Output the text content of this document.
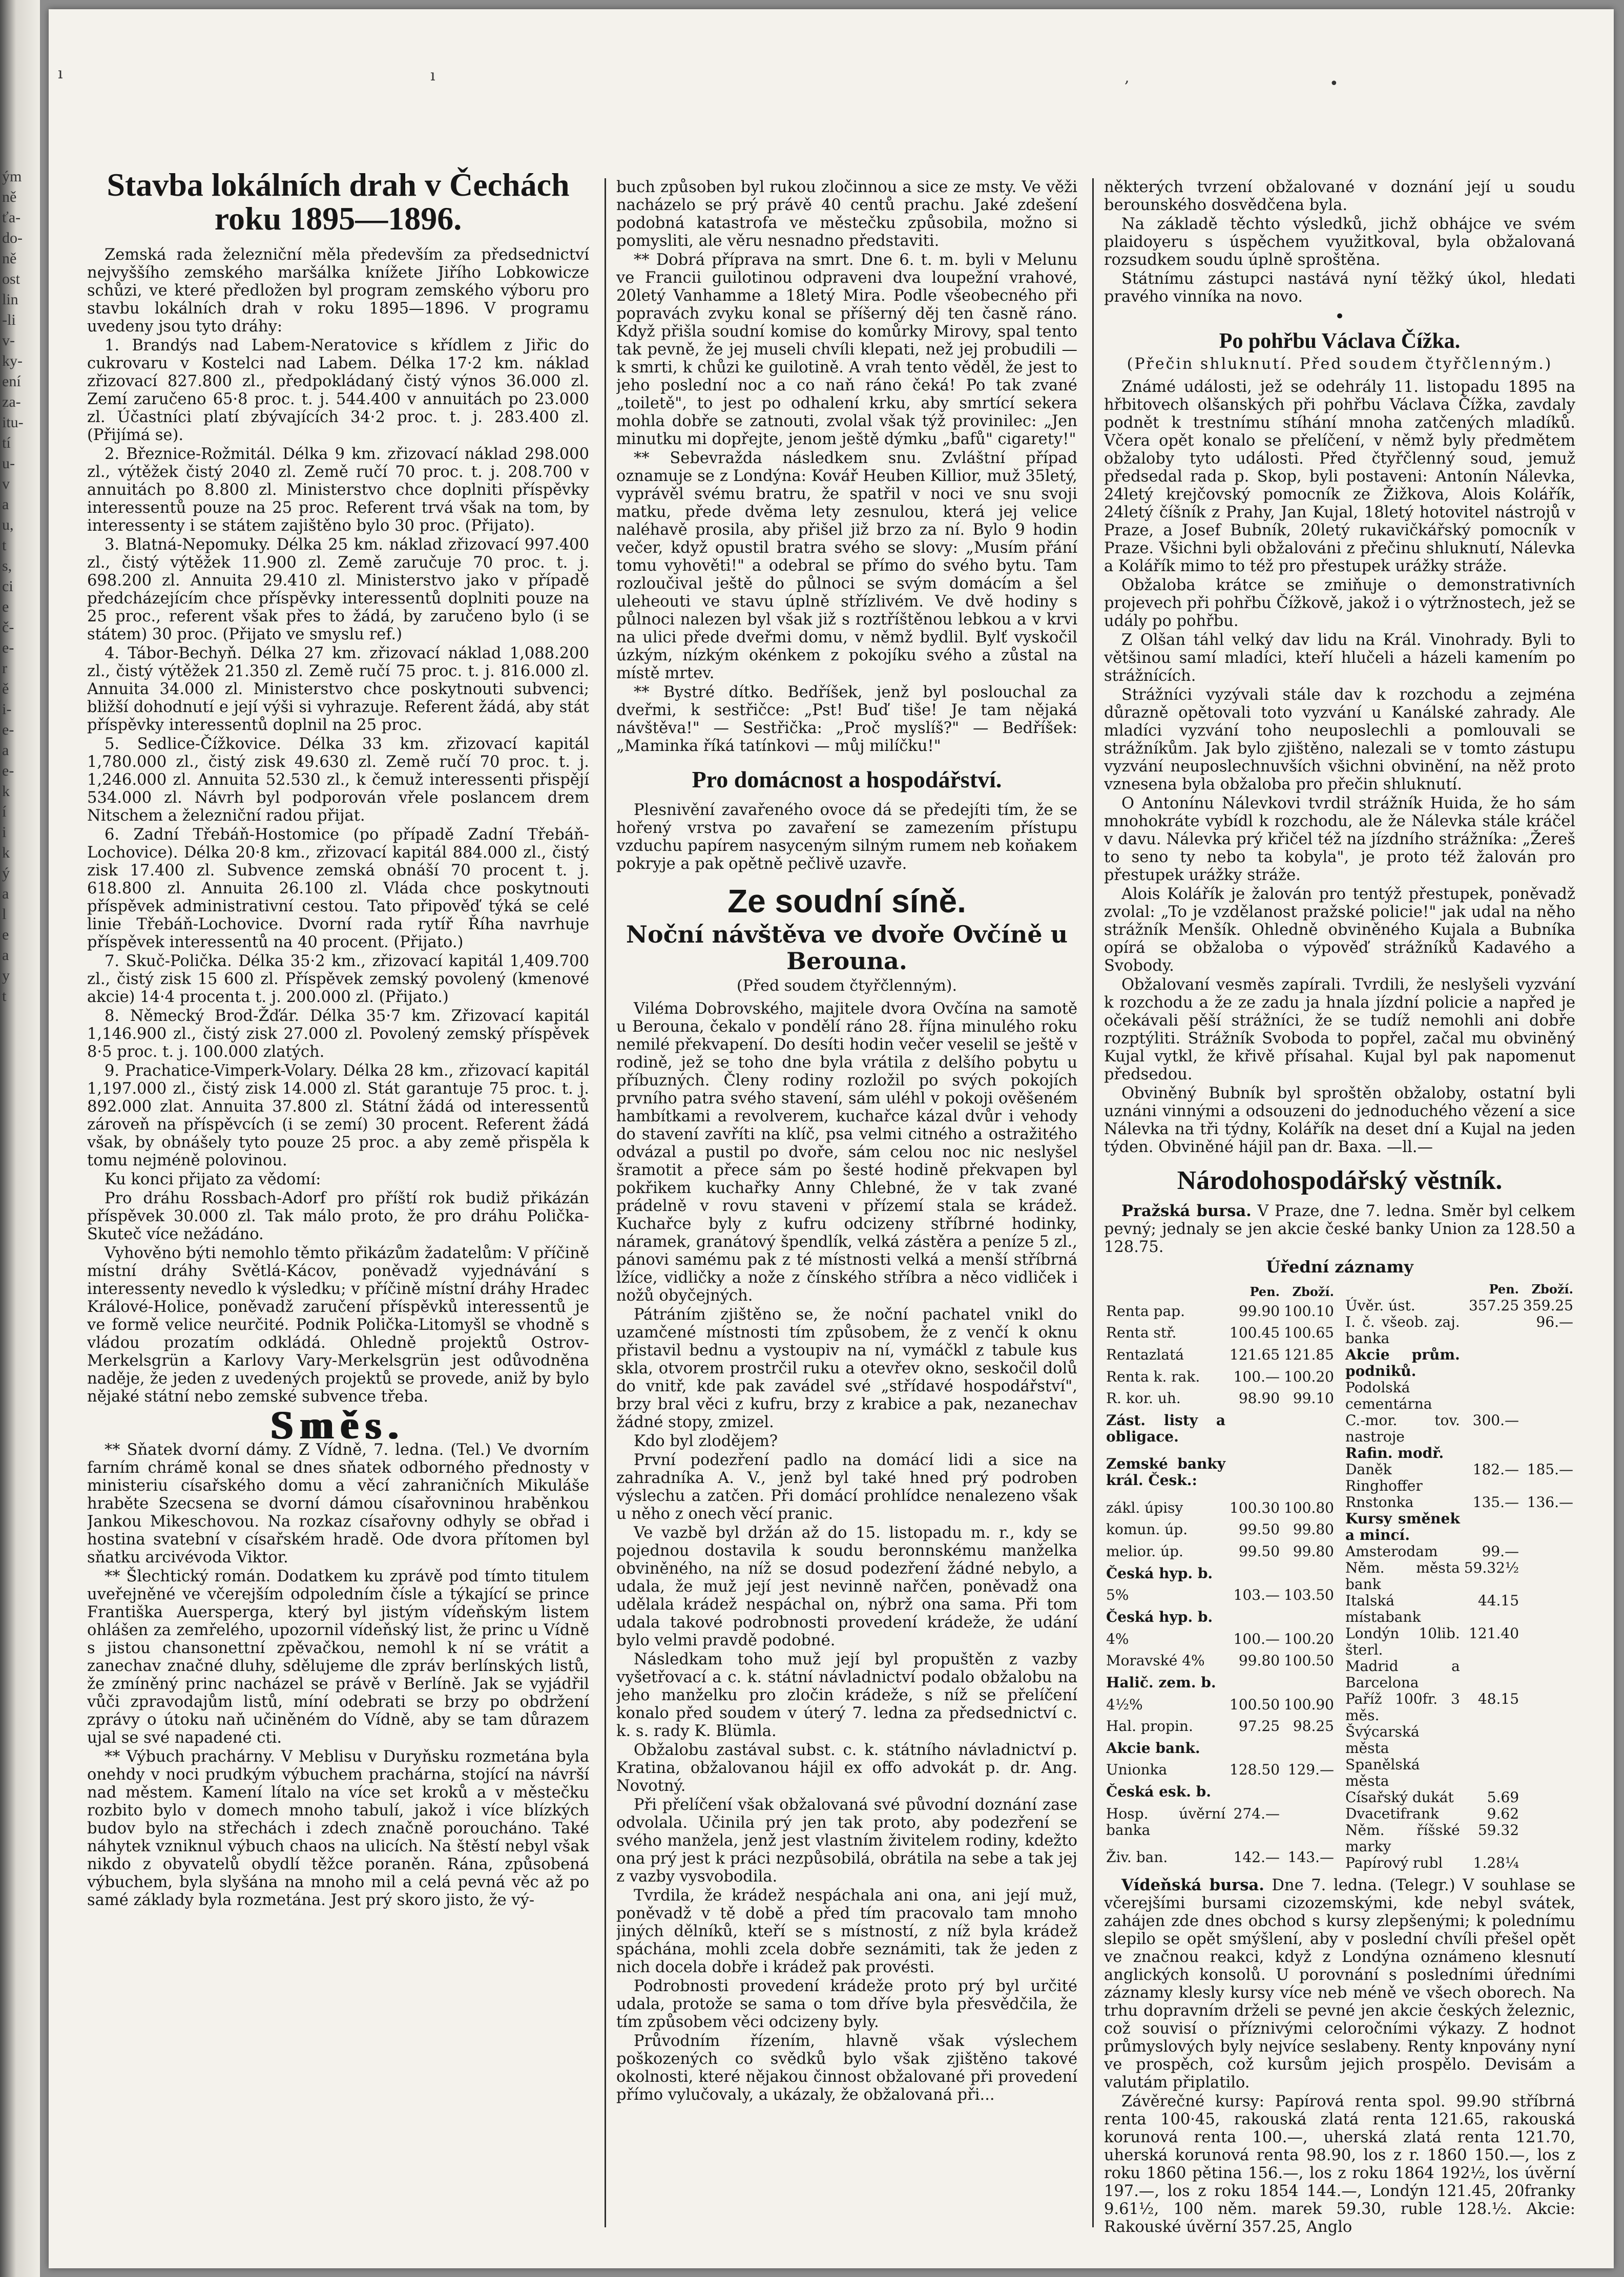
ým
ně
ťa-
do-
ně
ost
lin
-li
v-
ky-
ení
za-
itu-
tí
u-
v
a
u,
t
s,
ci
e
č-
e-
r
ě
i-
e-
a
e-
k
í
i
k
ý
a
l
e
a
y
t
ı	ı	,	•
Stavba lokálních drah v Čechách roku 1895—1896.

Zemská rada železniční měla především za předsednictví nejvyššího zemského maršálka knížete Jiřího Lobkowicze schůzi, ve které předložen byl program zemského výboru pro stavbu lokálních drah v roku 1895—1896. V programu uvedeny jsou tyto dráhy:

1. Brandýs nad Labem-Neratovice s křídlem z Jiřic do cukrovaru v Kostelci nad Labem. Délka 17·2 km. náklad zřizovací 827.800 zl., předpokládaný čistý výnos 36.000 zl. Zemí zaručeno 65·8 proc. t. j. 544.400 v annuitách po 23.000 zl. Účastníci platí zbývajících 34·2 proc. t. j. 283.400 zl. (Přijímá se).

2. Březnice-Rožmitál. Délka 9 km. zřizovací náklad 298.000 zl., výtěžek čistý 2040 zl. Země ručí 70 proc. t. j. 208.700 v annuitách po 8.800 zl. Ministerstvo chce doplniti příspěvky interessentů pouze na 25 proc. Referent trvá však na tom, by interessenty i se státem zajištěno bylo 30 proc. (Přijato).

3. Blatná-Nepomuky. Délka 25 km. náklad zřizovací 997.400 zl., čistý výtěžek 11.900 zl. Země zaručuje 70 proc. t. j. 698.200 zl. Annuita 29.410 zl. Ministerstvo jako v případě předcházejícím chce příspěvky interessentů doplniti pouze na 25 proc., referent však přes to žádá, by zaručeno bylo (i se státem) 30 proc. (Přijato ve smyslu ref.)

4. Tábor-Bechyň. Délka 27 km. zřizovací náklad 1,088.200 zl., čistý výtěžek 21.350 zl. Země ručí 75 proc. t. j. 816.000 zl. Annuita 34.000 zl. Ministerstvo chce poskytnouti subvenci; bližší dohodnutí e její výši si vyhrazuje. Referent žádá, aby stát příspěvky interessentů doplnil na 25 proc.

5. Sedlice-Čížkovice. Délka 33 km. zřizovací kapitál 1,780.000 zl., čistý zisk 49.630 zl. Země ručí 70 proc. t. j. 1,246.000 zl. Annuita 52.530 zl., k čemuž interessenti přispějí 534.000 zl. Návrh byl podporován vřele poslancem drem Nitschem a železniční radou přijat.

6. Zadní Třebáň-Hostomice (po případě Zadní Třebáň-Lochovice). Délka 20·8 km., zřizovací kapitál 884.000 zl., čistý zisk 17.400 zl. Subvence zemská obnáší 70 procent t. j. 618.800 zl. Annuita 26.100 zl. Vláda chce poskytnouti příspěvek administrativní cestou. Tato připověď týká se celé linie Třebáň-Lochovice. Dvorní rada rytíř Říha navrhuje příspěvek interessentů na 40 procent. (Přijato.)

7. Skuč-Polička. Délka 35·2 km., zřizovací kapitál 1,409.700 zl., čistý zisk 15 600 zl. Příspěvek zemský povolený (kmenové akcie) 14·4 procenta t. j. 200.000 zl. (Přijato.)

8. Německý Brod-Žďár. Délka 35·7 km. Zřizovací kapitál 1,146.900 zl., čistý zisk 27.000 zl. Povolený zemský příspěvek 8·5 proc. t. j. 100.000 zlatých.

9. Prachatice-Vimperk-Volary. Délka 28 km., zřizovací kapitál 1,197.000 zl., čistý zisk 14.000 zl. Stát garantuje 75 proc. t. j. 892.000 zlat. Annuita 37.800 zl. Státní žádá od interessentů zároveň na příspěvcích (i se zemí) 30 procent. Referent žádá však, by obnášely tyto pouze 25 proc. a aby země přispěla k tomu nejméně polovinou.

Ku konci přijato za vědomí:

Pro dráhu Rossbach-Adorf pro příští rok budiž přikázán příspěvek 30.000 zl. Tak málo proto, že pro dráhu Polička-Skuteč více nežádáno.

Vyhověno býti nemohlo těmto přikázům žadatelům: V příčině místní dráhy Světlá-Kácov, poněvadž vyjednávání s interessenty nevedlo k výsledku; v příčině místní dráhy Hradec Králové-Holice, poněvadž zaručení příspěvků interessentů je ve formě velice neurčité. Podnik Polička-Litomyšl se vhodně s vládou prozatím odkládá. Ohledně projektů Ostrov-Merkelsgrün a Karlovy Vary-Merkelsgrün jest odůvodněna naděje, že jeden z uvedených projektů se provede, aniž by bylo nějaké státní nebo zemské subvence třeba.

Směs.

** Sňatek dvorní dámy. Z Vídně, 7. ledna. (Tel.) Ve dvorním farním chrámě konal se dnes sňatek odborného přednosty v ministeriu císařského domu a věcí zahraničních Mikuláše hraběte Szecsena se dvorní dámou císařovninou hraběnkou Jankou Mikeschovou. Na rozkaz císařovny odhyly se obřad i hostina svatební v císařském hradě. Ode dvora přítomen byl sňatku arcivévoda Viktor.

** Šlechtický román. Dodatkem ku zprávě pod tímto titulem uveřejněné ve včerejším odpoledním čísle a týkající se prince Františka Auersperga, který byl jistým vídeňským listem ohlášen za zemřelého, upozornil vídeňský list, že princ u Vídně s jistou chansonettní zpěvačkou, nemohl k ní se vrátit a zanechav značné dluhy, sdělujeme dle zpráv berlínských listů, že zmíněný princ nacházel se právě v Berlíně. Jak se vyjádřil vůči zpravodajům listů, míní odebrati se brzy po obdržení zprávy o útoku naň učiněném do Vídně, aby se tam důrazem ujal se své napadené cti.

** Výbuch prachárny. V Meblisu v Duryňsku rozmetána byla onehdy v noci prudkým výbuchem prachárna, stojící na návrší nad městem. Kamení lítalo na více set kroků a v městečku rozbito bylo v domech mnoho tabulí, jakož i více blízkých budov bylo na střechách i zdech značně poroucháno. Také náhytek vzniknul výbuch chaos na ulicích. Na štěstí nebyl však nikdo z obyvatelů obydlí těžce poraněn. Rána, způsobená výbuchem, byla slyšána na mnoho mil a celá pevná věc až po samé základy byla rozmetána. Jest prý skoro jisto, že vý-

buch způsoben byl rukou zločinnou a sice ze msty. Ve věži nacházelo se prý právě 40 centů prachu. Jaké zdešení podobná katastrofa ve městečku způsobila, možno si pomysliti, ale věru nesnadno představiti.

** Dobrá příprava na smrt. Dne 6. t. m. byli v Melunu ve Francii guilotinou odpraveni dva loupežní vrahové, 20letý Vanhamme a 18letý Mira. Podle všeobecného při popravách zvyku konal se příšerný děj ten časně ráno. Když přišla soudní komise do komůrky Mirovy, spal tento tak pevně, že jej museli chvíli klepati, než jej probudili — k smrti, k chůzi ke guilotině. A vrah tento věděl, že jest to jeho poslední noc a co naň ráno čeká! Po tak zvané „toiletě", to jest po odhalení krku, aby smrtící sekera mohla dobře se zatnouti, zvolal však týž provinilec: „Jen minutku mi dopřejte, jenom ještě dýmku „bafů" cigarety!"

** Sebevražda následkem snu. Zvláštní případ oznamuje se z Londýna: Kovář Heuben Killior, muž 35letý, vyprávěl svému bratru, že spatřil v noci ve snu svoji matku, přede dvěma lety zesnulou, která jej velice naléhavě prosila, aby přišel již brzo za ní. Bylo 9 hodin večer, když opustil bratra svého se slovy: „Musím přání tomu vyhověti!" a odebral se přímo do svého bytu. Tam rozloučival ještě do půlnoci se svým domácím a šel uleheouti ve stavu úplně střízlivém. Ve dvě hodiny s půlnoci nalezen byl však již s roztříštěnou lebkou a v krvi na ulici přede dveřmi domu, v němž bydlil. Bylť vyskočil úzkým, nízkým okénkem z pokojíku svého a zůstal na místě mrtev.

** Bystré dítko. Bedříšek, jenž byl poslouchal za dveřmi, k sestřičce: „Pst! Buď tiše! Je tam nějaká návštěva!" — Sestřička: „Proč myslíš?" — Bedříšek: „Maminka říká tatínkovi — můj milíčku!"

Pro domácnost a hospodářství.

Plesnivění zavařeného ovoce dá se předejíti tím, že se hořený vrstva po zavaření se zamezením přístupu vzduchu papírem nasyceným silným rumem neb koňakem pokryje a pak opětně pečlivě uzavře.

Ze soudní síně.
Noční návštěva ve dvoře Ovčíně u Berouna.
(Před soudem čtyřčlenným).

Viléma Dobrovského, majitele dvora Ovčína na samotě u Berouna, čekalo v pondělí ráno 28. října minulého roku nemilé překvapení. Do desíti hodin večer veselil se ještě v rodině, jež se toho dne byla vrátila z delšího pobytu u příbuzných. Členy rodiny rozložil po svých pokojích prvního patra svého stavení, sám uléhl v pokoji ověšeném hambítkami a revolverem, kuchařce kázal dvůr i vehody do stavení zavříti na klíč, psa velmi citného a ostražitého odvázal a pustil po dvoře, sám celou noc nic neslyšel šramotit a přece sám po šesté hodině překvapen byl pokřikem kuchařky Anny Chlebné, že v tak zvané prádelně v rovu staveni v přízemí stala se krádež. Kuchařce byly z kufru odcizeny stříbrné hodinky, náramek, granátový špendlík, velká zástěra a peníze 5 zl., pánovi samému pak z té místnosti velká a menší stříbrná lžíce, vidličky a nože z čínského stříbra a něco vidliček i nožů obyčejných.

Pátráním zjištěno se, že noční pachatel vnikl do uzamčené místnosti tím způsobem, že z venčí k oknu přistavil bednu a vystoupiv na ní, vymáčkl z tabule kus skla, otvorem prostrčil ruku a otevřev okno, seskočil dolů do vnitř, kde pak zavádel své „střídavé hospodářství", brzy bral věci z kufru, brzy z krabice a pak, nezanechav žádné stopy, zmizel.

Kdo byl zlodějem?

První podezření padlo na domácí lidi a sice na zahradníka A. V., jenž byl také hned prý podroben výslechu a zatčen. Při domácí prohlídce nenalezeno však u něho z onech věcí pranic.

Ve vazbě byl držán až do 15. listopadu m. r., kdy se pojednou dostavila k soudu beronnskému manželka obviněného, na níž se dosud podezření žádné nebylo, a udala, že muž její jest nevinně nařčen, poněvadž ona udělala krádež nespáchal on, nýbrž ona sama. Při tom udala takové podrobnosti provedení krádeže, že udání bylo velmi pravdě podobné.

Následkam toho muž její byl propuštěn z vazby vyšetřovací a c. k. státní návladnictví podalo obžalobu na jeho manželku pro zločin krádeže, s níž se přelíčení konalo před soudem v úterý 7. ledna za předsednictví c. k. s. rady K. Blümla.

Obžalobu zastával subst. c. k. státního návladnictví p. Kratina, obžalovanou hájil ex offo advokát p. dr. Ang. Novotný.

Při přelíčení však obžalovaná své původní doznání zase odvolala. Učinila prý jen tak proto, aby podezření se svého manžela, jenž jest vlastním živitelem rodiny, kdežto ona prý jest k práci nezpůsobilá, obrátila na sebe a tak jej z vazby vysvobodila.

Tvrdila, že krádež nespáchala ani ona, ani její muž, poněvadž v tě době a před tím pracovalo tam mnoho jiných dělníků, kteří se s místností, z níž byla krádež spáchána, mohli zcela dobře seznámiti, tak že jeden z nich docela dobře i krádež pak provésti.

Podrobnosti provedení krádeže proto prý byl určité udala, protože se sama o tom dříve byla přesvědčila, že tím způsobem věci odcizeny byly.

Průvodním řízením, hlavně však výslechem poškozených co svědků bylo však zjištěno takové okolnosti, které nějakou činnost obžalované při provedení přímo vylučovaly, a ukázaly, že obžalovaná při...

některých tvrzení obžalované v doznání její u soudu berounského dosvědčena byla.

Na základě těchto výsledků, jichž obhájce ve svém plaidoyeru s úspěchem využitkoval, byla obžalovaná rozsudkem soudu úplně sproštěna.

Státnímu zástupci nastává nyní těžký úkol, hledati pravého vinníka na novo.

•
Po pohřbu Václava Čížka.
(Přečin shluknutí. Před soudem čtyřčlenným.)

Známé události, jež se odehrály 11. listopadu 1895 na hřbitovech olšanských při pohřbu Václava Čížka, zavdaly podnět k trestnímu stíhání mnoha zatčených mladíků. Včera opět konalo se přelíčení, v němž byly předmětem obžaloby tyto události. Před čtyřčlenný soud, jemuž předsedal rada p. Skop, byli postaveni: Antonín Nálevka, 24letý krejčovský pomocník ze Žižkova, Alois Kolářík, 24letý číšník z Prahy, Jan Kujal, 18letý hotovitel nástrojů v Praze, a Josef Bubník, 20letý rukavičkářský pomocník v Praze. Všichni byli obžalováni z přečinu shluknutí, Nálevka a Kolářík mimo to též pro přestupek urážky stráže.

Obžaloba krátce se zmiňuje o demonstrativních projevech při pohřbu Čížkově, jakož i o výtržnostech, jež se udály po pohřbu.

Z Olšan táhl velký dav lidu na Král. Vinohrady. Byli to většinou samí mladíci, kteří hlučeli a házeli kamením po strážnících.

Strážníci vyzývali stále dav k rozchodu a zejména důrazně opětovali toto vyzvání u Kanálské zahrady. Ale mladíci vyzvání toho neuposlechli a pomlouvali se strážníkům. Jak bylo zjištěno, nalezali se v tomto zástupu vyzvání neuposlechnuvších všichni obvinění, na něž proto vznesena byla obžaloba pro přečin shluknutí.

O Antonínu Nálevkovi tvrdil strážník Huida, že ho sám mnohokráte vybídl k rozchodu, ale že Nálevka stále kráčel v davu. Nálevka prý křičel též na jízdního strážníka: „Žereš to seno ty nebo ta kobyla", je proto též žalován pro přestupek urážky stráže.

Alois Kolářík je žalován pro tentýž přestupek, poněvadž zvolal: „To je vzdělanost pražské policie!" jak udal na něho strážník Menšík. Ohledně obviněného Kujala a Bubníka opírá se obžaloba o výpověď strážníků Kadavého a Svobody.

Obžalovaní vesměs zapírali. Tvrdili, že neslyšeli vyzvání k rozchodu a že ze zadu ja hnala jízdní policie a napřed je očekávali pěší strážníci, že se tudíž nemohli ani dobře rozptýliti. Strážník Svoboda to popřel, začal mu obviněný Kujal vytkl, že křivě přísahal. Kujal byl pak napomenut předsedou.

Obviněný Bubník byl sproštěn obžaloby, ostatní byli uznáni vinnými a odsouzeni do jednoduchého vězení a sice Nálevka na tři týdny, Kolářík na deset dní a Kujal na jeden týden. Obviněné hájil pan dr. Baxa. —ll.—

Národohospodářský věstník.

Pražská bursa. V Praze, dne 7. ledna. Směr byl celkem pevný; jednaly se jen akcie české banky Union za 128.50 a 128.75.

Úřední záznamy
	Pen.	Zboží.
Renta pap.	99.90	100.10
Renta stř.	100.45	100.65
Rentazlatá	121.65	121.85
Renta k. rak.	100.—	100.20
R. kor. uh.	98.90	99.10
Zást. listy a obligace.		
Zemské banky král. Česk.:		
zákl. úpisy	100.30	100.80
komun. úp.	99.50	99.80
melior. úp.	99.50	99.80
Česká hyp. b.		
5%	103.—	103.50
Česká hyp. b.		
4%	100.—	100.20
Moravské 4%	99.80	100.50
Halič. zem. b.		
4½%	100.50	100.90
Hal. propin.	97.25	98.25
Akcie bank.		
Unionka	128.50	129.—
Česká esk. b.		
Hosp. úvěrní banka	274.—	
Živ. ban.	142.—	143.—
	Pen.	Zboží.
Úvěr. úst.	357.25	359.25
I. č. všeob. zaj. banka		96.—
Akcie prům. podniků.		
Podolská cementárna		
C.-mor. tov. nastroje	300.—	
Rafin. modř.		
Daněk	182.—	185.—
Ringhoffer		
Rnstonka	135.—	136.—
Kursy směnek a mincí.		
Amsterodam	99.—	
Něm. města bank	59.32½	
Italská místabank	44.15	
Londýn 10lib. šterl.	121.40	
Madrid a Barcelona		
Paříž 100fr. 3 měs.	48.15	
Švýcarská města		
Spanělská města		
Císařský dukát	5.69	
Dvacetifrank	9.62	
Něm. říšské marky	59.32	
Papírový rubl	1.28¼	

Vídeňská bursa. Dne 7. ledna. (Telegr.) V souhlase se včerejšími bursami cizozemskými, kde nebyl svátek, zahájen zde dnes obchod s kursy zlepšenými; k polednímu slepilo se opět smýšlení, aby v poslední chvíli přešel opět ve značnou reakci, když z Londýna oznámeno klesnutí anglických konsolů. U porovnání s posledními úředními záznamy klesly kursy více neb méně ve všech oborech. Na trhu dopravním drželi se pevné jen akcie českých železnic, což souvisí o příznivými celoročními výkazy. Z hodnot průmyslových byly nejvíce seslabeny. Renty knpovány nyní ve prospěch, což kursům jejich prospělo. Devisám a valutám připlatilo.

Závěrečné kursy: Papírová renta spol. 99.90 stříbrná renta 100·45, rakouská zlatá renta 121.65, rakouská korunová renta 100.—, uherská zlatá renta 121.70, uherská korunová renta 98.90, los z r. 1860 150.—, los z roku 1860 pětina 156.—, los z roku 1864 192½, los úvěrní 197.—, los z roku 1854 144.—, Londýn 121.45, 20franky 9.61½, 100 něm. marek 59.30, ruble 128.½. Akcie: Rakouské úvěrní 357.25, Anglo
